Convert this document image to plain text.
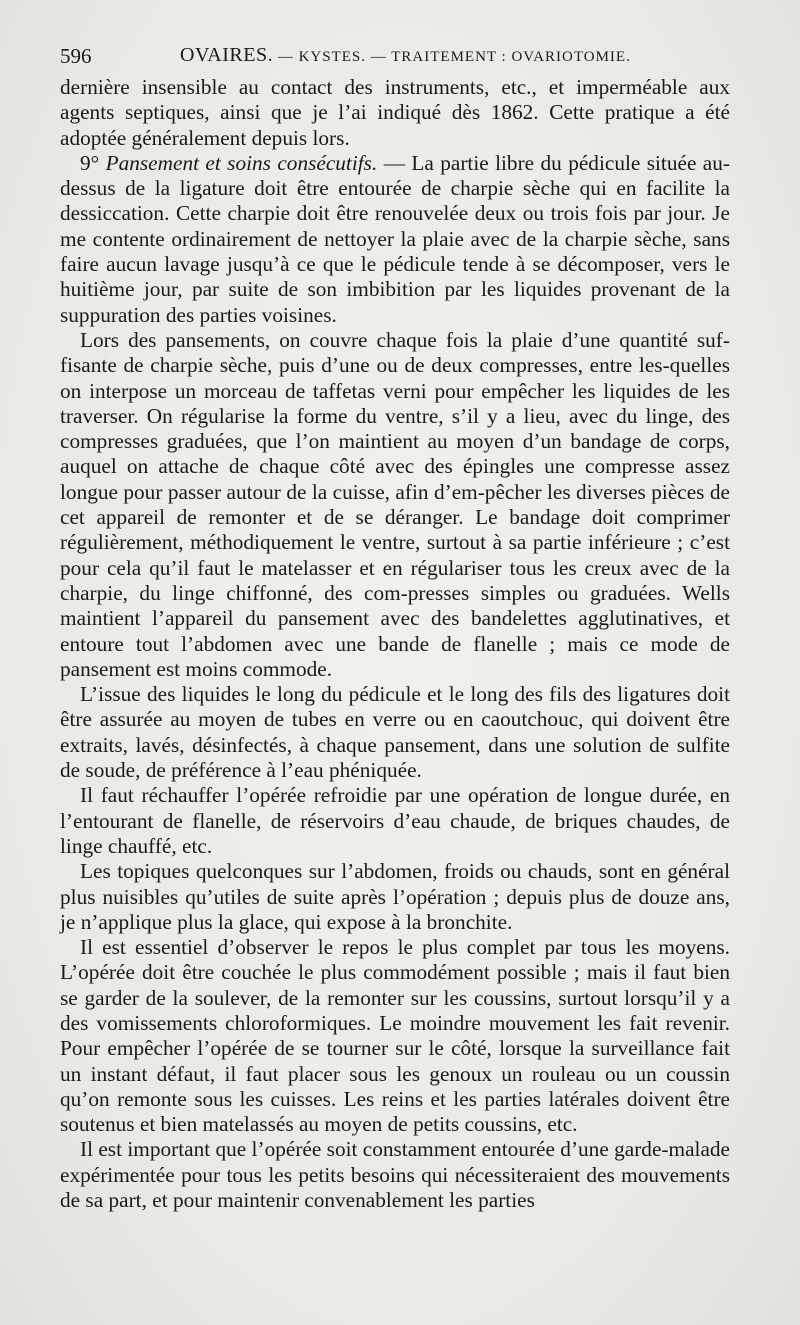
596	OVAIRES. — KYSTES. — TRAITEMENT : OVARIOTOMIE.

dernière insensible au contact des instruments, etc., et imperméable aux agents septiques, ainsi que je l’ai indiqué dès 1862. Cette pratique a été adoptée généralement depuis lors.

9° Pansement et soins consécutifs. — La partie libre du pédicule située au-dessus de la ligature doit être entourée de charpie sèche qui en facilite la dessiccation. Cette charpie doit être renouvelée deux ou trois fois par jour. Je me contente ordinairement de nettoyer la plaie avec de la charpie sèche, sans faire aucun lavage jusqu’à ce que le pédicule tende à se décomposer, vers le huitième jour, par suite de son imbibition par les liquides provenant de la suppuration des parties voisines.

Lors des pansements, on couvre chaque fois la plaie d’une quantité suf-fisante de charpie sèche, puis d’une ou de deux compresses, entre les-quelles on interpose un morceau de taffetas verni pour empêcher les liquides de les traverser. On régularise la forme du ventre, s’il y a lieu, avec du linge, des compresses graduées, que l’on maintient au moyen d’un bandage de corps, auquel on attache de chaque côté avec des épingles une compresse assez longue pour passer autour de la cuisse, afin d’em-pêcher les diverses pièces de cet appareil de remonter et de se déranger. Le bandage doit comprimer régulièrement, méthodiquement le ventre, surtout à sa partie inférieure ; c’est pour cela qu’il faut le matelasser et en régulariser tous les creux avec de la charpie, du linge chiffonné, des com-presses simples ou graduées. Wells maintient l’appareil du pansement avec des bandelettes agglutinatives, et entoure tout l’abdomen avec une bande de flanelle ; mais ce mode de pansement est moins commode.

L’issue des liquides le long du pédicule et le long des fils des ligatures doit être assurée au moyen de tubes en verre ou en caoutchouc, qui doivent être extraits, lavés, désinfectés, à chaque pansement, dans une solution de sulfite de soude, de préférence à l’eau phéniquée.

Il faut réchauffer l’opérée refroidie par une opération de longue durée, en l’entourant de flanelle, de réservoirs d’eau chaude, de briques chaudes, de linge chauffé, etc.

Les topiques quelconques sur l’abdomen, froids ou chauds, sont en général plus nuisibles qu’utiles de suite après l’opération ; depuis plus de douze ans, je n’applique plus la glace, qui expose à la bronchite.

Il est essentiel d’observer le repos le plus complet par tous les moyens. L’opérée doit être couchée le plus commodément possible ; mais il faut bien se garder de la soulever, de la remonter sur les coussins, surtout lorsqu’il y a des vomissements chloroformiques. Le moindre mouvement les fait revenir. Pour empêcher l’opérée de se tourner sur le côté, lorsque la surveillance fait un instant défaut, il faut placer sous les genoux un rouleau ou un coussin qu’on remonte sous les cuisses. Les reins et les parties latérales doivent être soutenus et bien matelassés au moyen de petits coussins, etc.

Il est important que l’opérée soit constamment entourée d’une garde-malade expérimentée pour tous les petits besoins qui nécessiteraient des mouvements de sa part, et pour maintenir convenablement les parties
